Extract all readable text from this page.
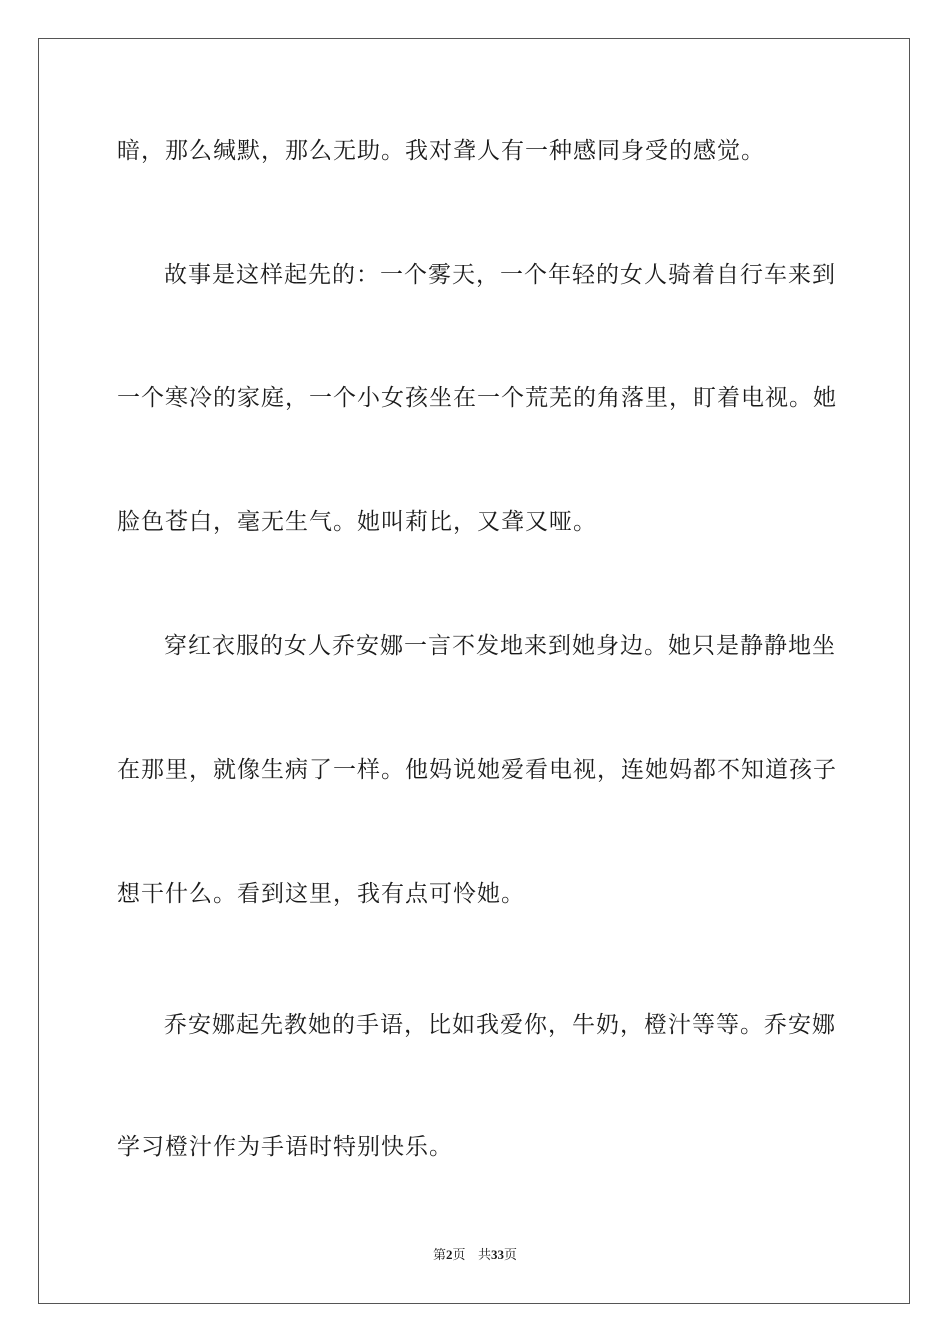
暗，那么缄默，那么无助。我对聋人有一种感同身受的感觉。
故事是这样起先的：一个雾天，一个年轻的女人骑着自行车来到
一个寒冷的家庭，一个小女孩坐在一个荒芜的角落里，盯着电视。她
脸色苍白，毫无生气。她叫莉比，又聋又哑。
穿红衣服的女人乔安娜一言不发地来到她身边。她只是静静地坐
在那里，就像生病了一样。他妈说她爱看电视，连她妈都不知道孩子
想干什么。看到这里，我有点可怜她。
乔安娜起先教她的手语，比如我爱你，牛奶，橙汁等等。乔安娜
学习橙汁作为手语时特别快乐。
第2页 共33页
